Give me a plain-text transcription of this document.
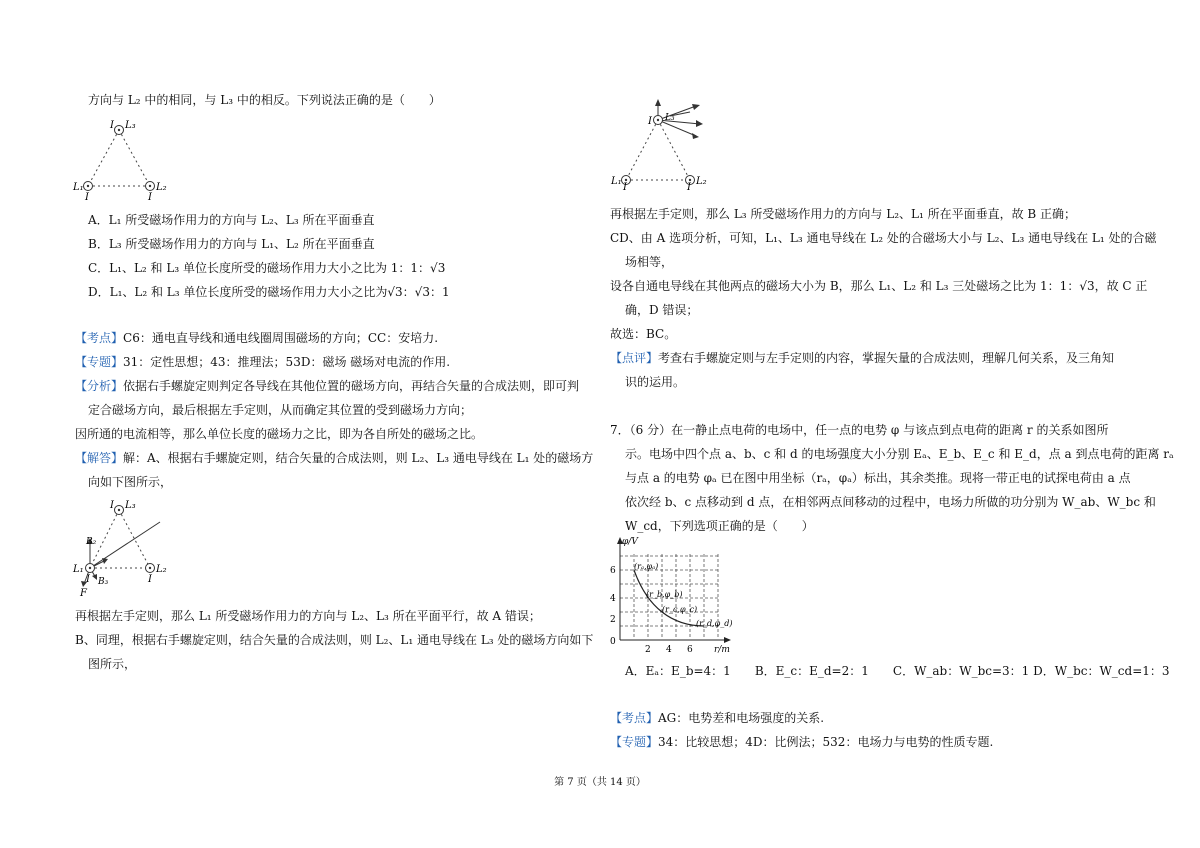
方向与 L₂ 中的相同，与 L₃ 中的相反。下列说法正确的是（　　）
I L₃
L₁
I
L₂
I
A．L₁ 所受磁场作用力的方向与 L₂、L₃ 所在平面垂直
B．L₃ 所受磁场作用力的方向与 L₁、L₂ 所在平面垂直
C．L₁、L₂ 和 L₃ 单位长度所受的磁场作用力大小之比为 1：1：√3
D．L₁、L₂ 和 L₃ 单位长度所受的磁场作用力大小之比为√3：√3：1
【考点】C6：通电直导线和通电线圈周围磁场的方向；CC：安培力.
【专题】31：定性思想；43：推理法；53D：磁场 磁场对电流的作用.
【分析】依据右手螺旋定则判定各导线在其他位置的磁场方向，再结合矢量的合成法则，即可判
定合磁场方向，最后根据左手定则，从而确定其位置的受到磁场力方向；
因所通的电流相等，那么单位长度的磁场力之比，即为各自所处的磁场之比。
【解答】解：A、根据右手螺旋定则，结合矢量的合成法则，则 L₂、L₃ 通电导线在 L₁ 处的磁场方
向如下图所示，
I L₃
B₂
L₁
I B₃
F
L₂
I
再根据左手定则，那么 L₁ 所受磁场作用力的方向与 L₂、L₃ 所在平面平行，故 A 错误；
B、同理，根据右手螺旋定则，结合矢量的合成法则，则 L₂、L₁ 通电导线在 L₃ 处的磁场方向如下
图所示，
I L₃
L₁
I
L₂
I
再根据左手定则，那么 L₃ 所受磁场作用力的方向与 L₂、L₁ 所在平面垂直，故 B 正确；
CD、由 A 选项分析，可知，L₁、L₃ 通电导线在 L₂ 处的合磁场大小与 L₂、L₃ 通电导线在 L₁ 处的合磁
场相等，
设各自通电导线在其他两点的磁场大小为 B，那么 L₁、L₂ 和 L₃ 三处磁场之比为 1：1：√3，故 C 正
确，D 错误；
故选：BC。
【点评】考查右手螺旋定则与左手定则的内容，掌握矢量的合成法则，理解几何关系，及三角知
识的运用。
7．（6 分）在一静止点电荷的电场中，任一点的电势 φ 与该点到点电荷的距离 r 的关系如图所
示。电场中四个点 a、b、c 和 d 的电场强度大小分别 Eₐ、E_b、E_c 和 E_d，点 a 到点电荷的距离 rₐ
与点 a 的电势 φₐ 已在图中用坐标（rₐ，φₐ）标出，其余类推。现将一带正电的试探电荷由 a 点
依次经 b、c 点移动到 d 点，在相邻两点间移动的过程中，电场力所做的功分别为 W_ab、W_bc 和
W_cd，下列选项正确的是（　　）
φ/V
r/m
6
4
2
0
2 4 6
(rₐ,φₐ)
(r_b,φ_b)
(r_c,φ_c)
(r_d,φ_d)
A．Eₐ：E_b=4：1　　B．E_c：E_d=2：1　　C．W_ab：W_bc=3：1 D．W_bc：W_cd=1：3
【考点】AG：电势差和电场强度的关系.
【专题】34：比较思想；4D：比例法；532：电场力与电势的性质专题.
第 7 页（共 14 页）
